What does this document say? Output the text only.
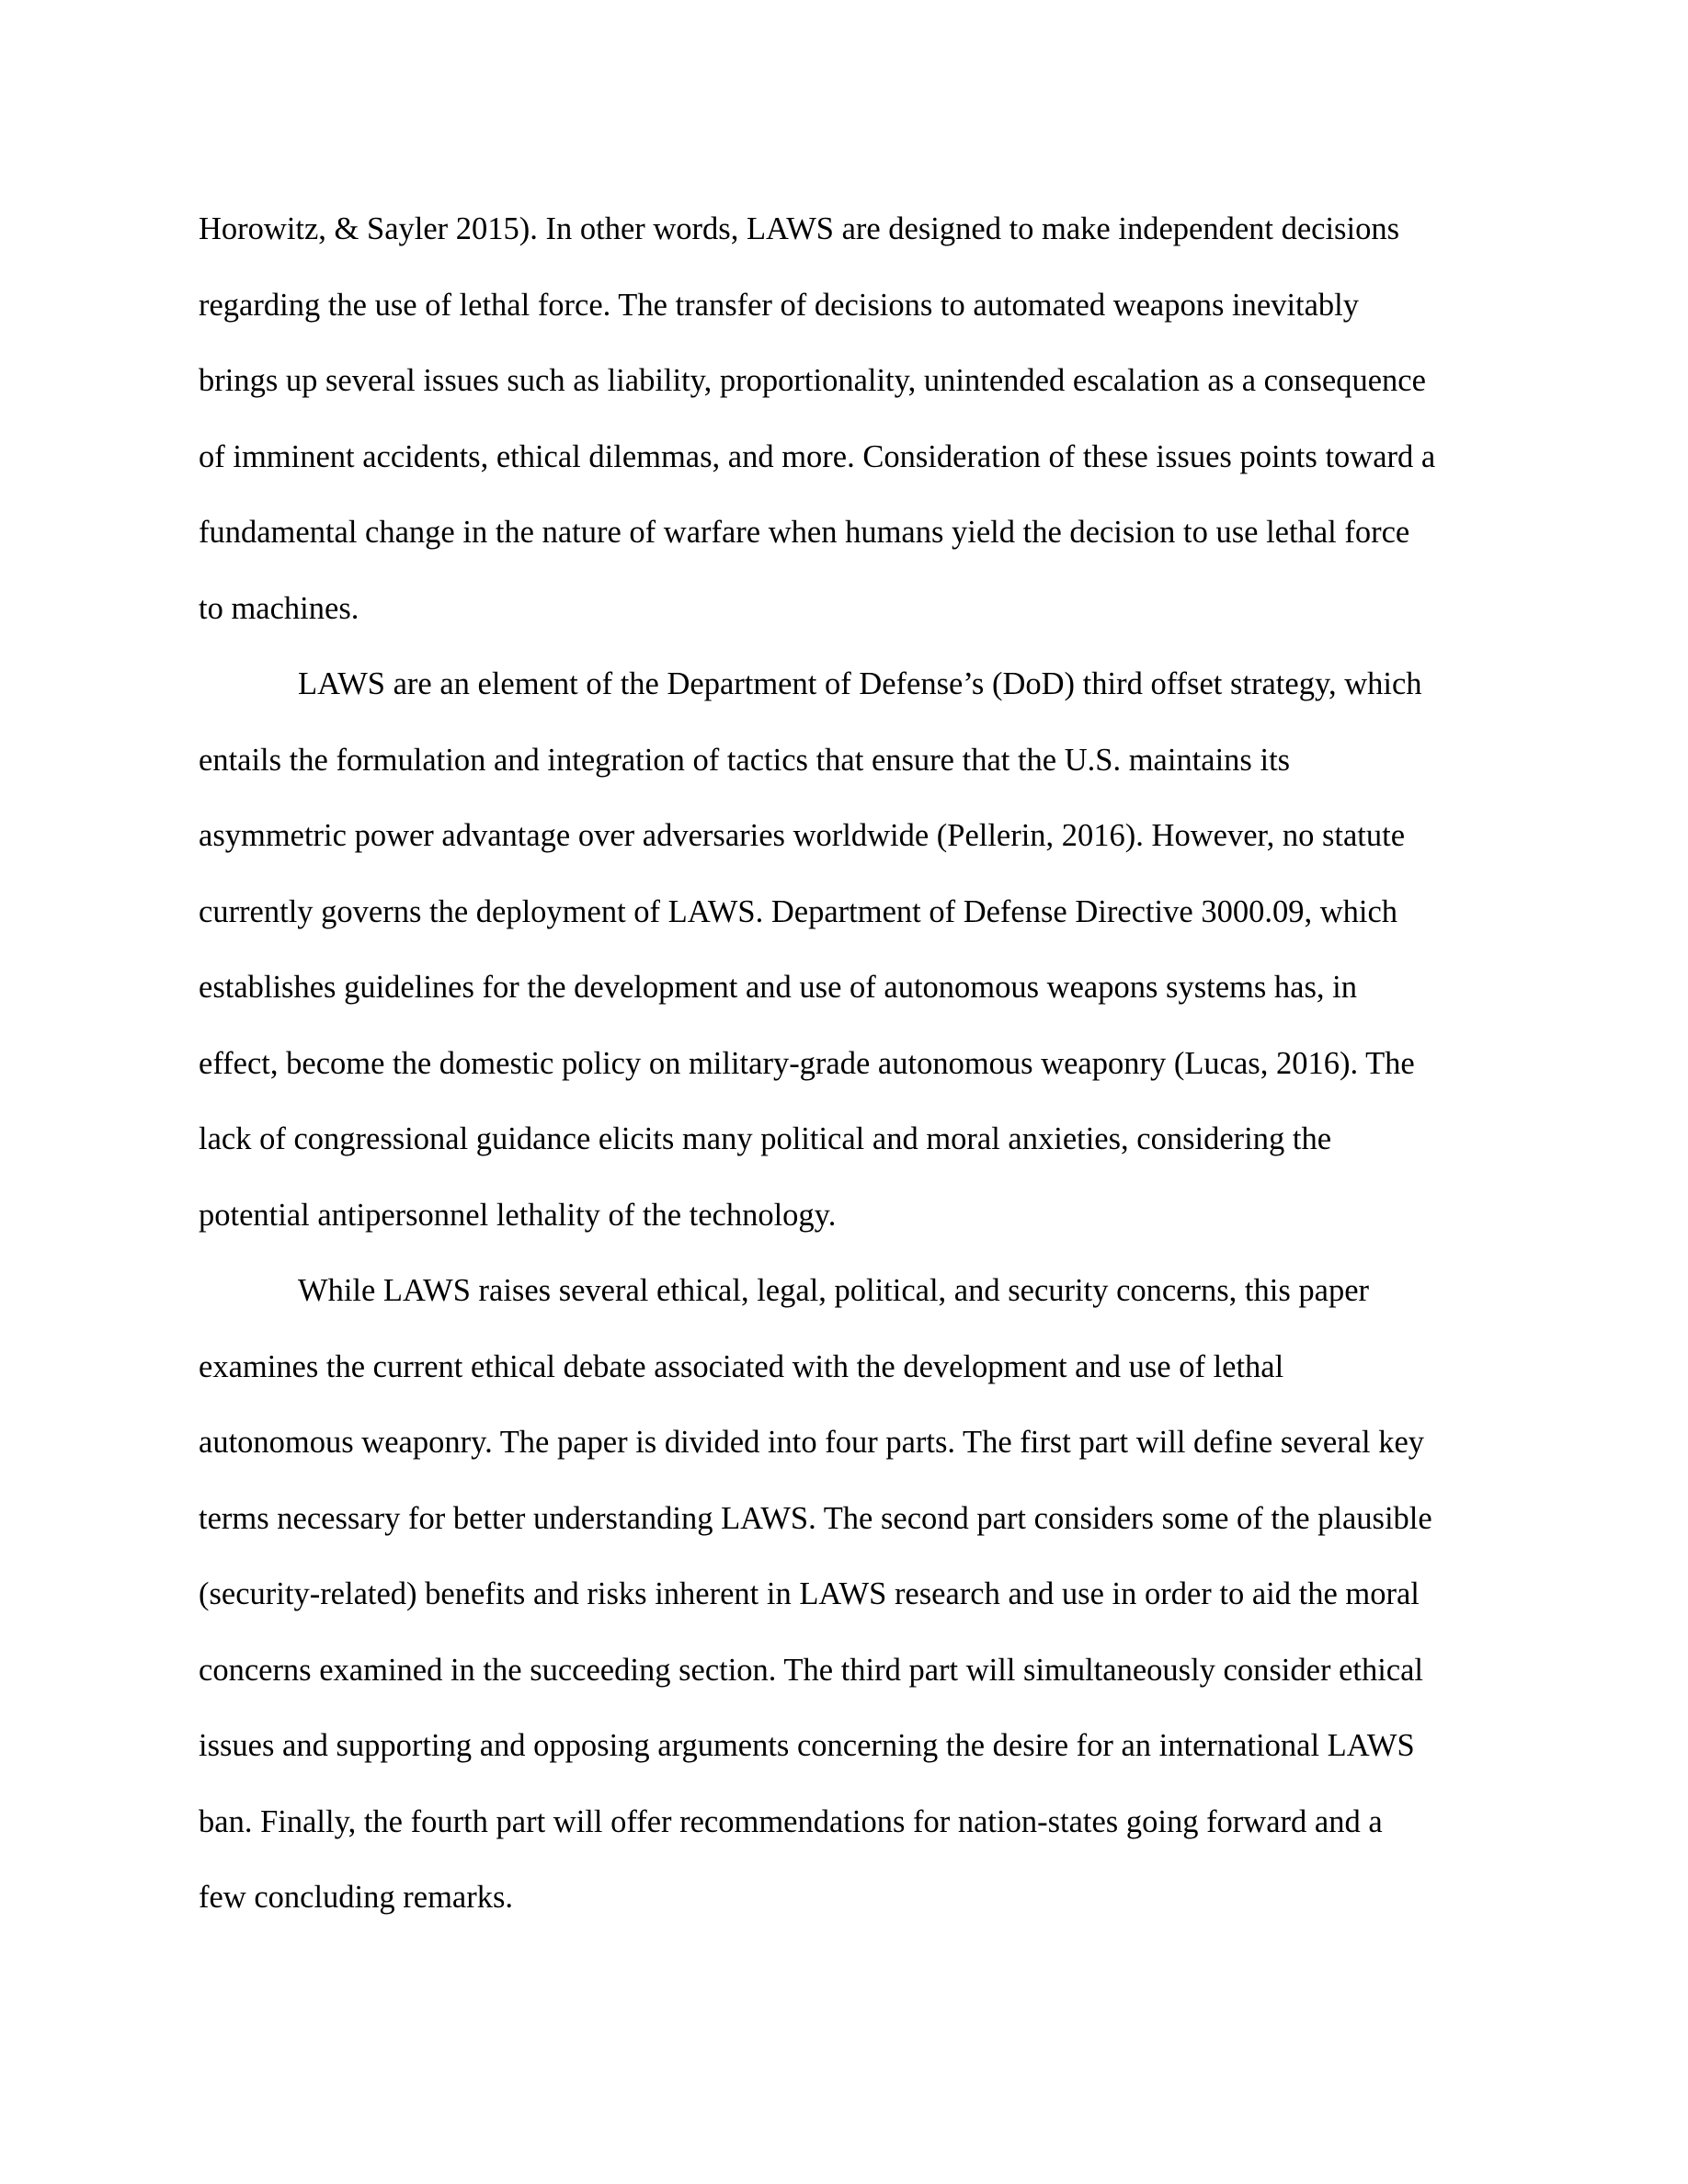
Horowitz, & Sayler 2015). In other words, LAWS are designed to make independent decisions
regarding the use of lethal force. The transfer of decisions to automated weapons inevitably
brings up several issues such as liability, proportionality, unintended escalation as a consequence
of imminent accidents, ethical dilemmas, and more. Consideration of these issues points toward a
fundamental change in the nature of warfare when humans yield the decision to use lethal force
to machines.

LAWS are an element of the Department of Defense’s (DoD) third offset strategy, which
entails the formulation and integration of tactics that ensure that the U.S. maintains its
asymmetric power advantage over adversaries worldwide (Pellerin, 2016). However, no statute
currently governs the deployment of LAWS. Department of Defense Directive 3000.09, which
establishes guidelines for the development and use of autonomous weapons systems has, in
effect, become the domestic policy on military-grade autonomous weaponry (Lucas, 2016). The
lack of congressional guidance elicits many political and moral anxieties, considering the
potential antipersonnel lethality of the technology.

While LAWS raises several ethical, legal, political, and security concerns, this paper
examines the current ethical debate associated with the development and use of lethal
autonomous weaponry. The paper is divided into four parts. The first part will define several key
terms necessary for better understanding LAWS. The second part considers some of the plausible
(security-related) benefits and risks inherent in LAWS research and use in order to aid the moral
concerns examined in the succeeding section. The third part will simultaneously consider ethical
issues and supporting and opposing arguments concerning the desire for an international LAWS
ban. Finally, the fourth part will offer recommendations for nation-states going forward and a
few concluding remarks.
